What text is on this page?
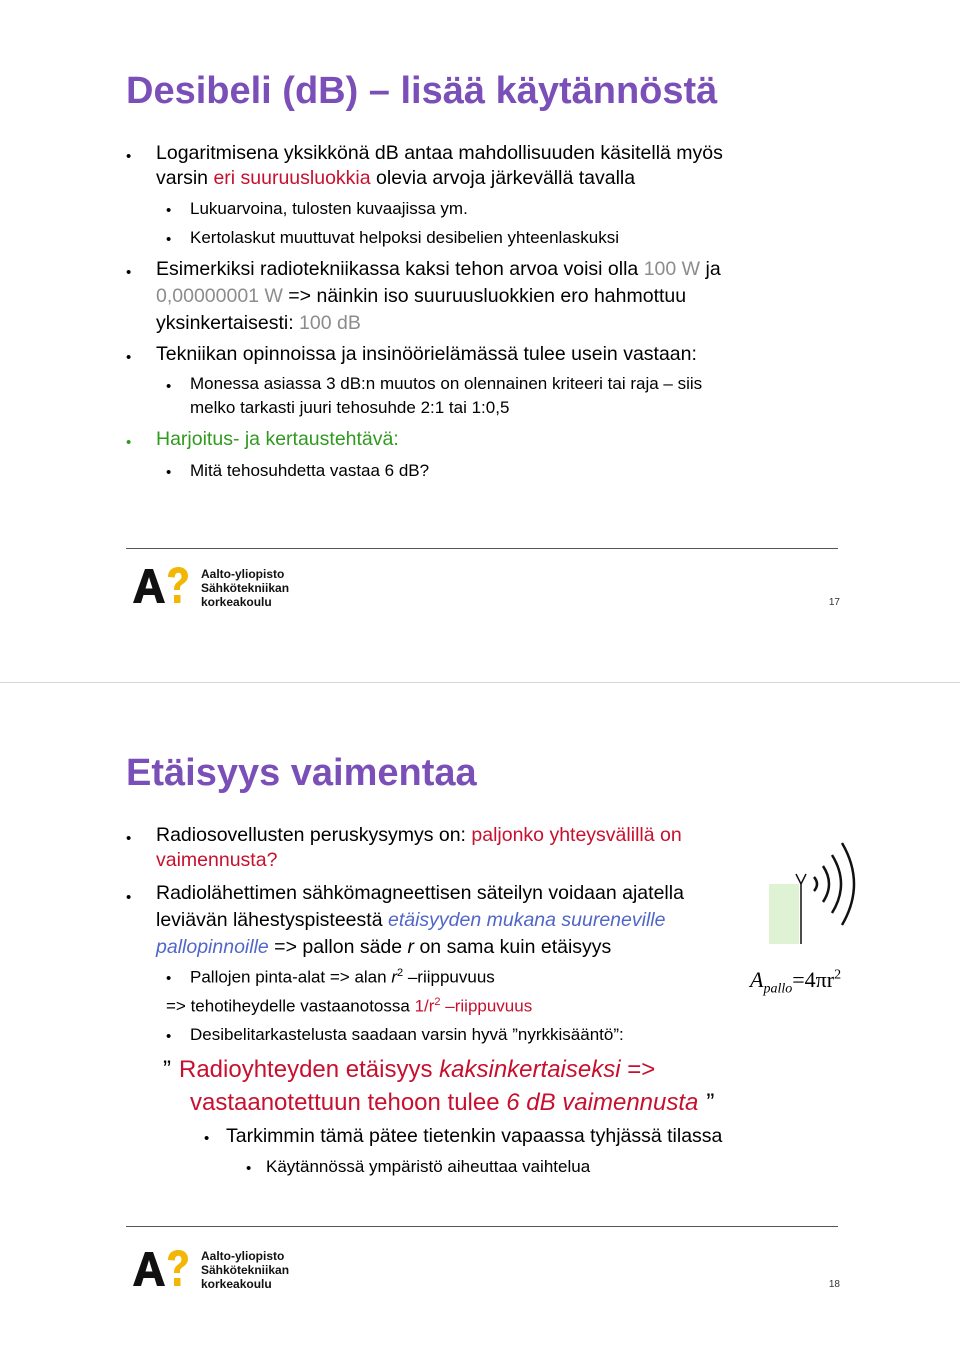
Desibeli (dB) – lisää käytännöstä
• Logaritmisena yksikkönä dB antaa mahdollisuuden käsitellä myös
varsin eri suuruusluokkia olevia arvoja järkevällä tavalla
• Lukuarvoina, tulosten kuvaajissa ym.
• Kertolaskut muuttuvat helpoksi desibelien yhteenlaskuksi
• Esimerkiksi radiotekniikassa kaksi tehon arvoa voisi olla 100 W ja
0,00000001 W => näinkin iso suuruusluokkien ero hahmottuu
yksinkertaisesti: 100 dB
• Tekniikan opinnoissa ja insinöörielämässä tulee usein vastaan:
• Monessa asiassa 3 dB:n muutos on olennainen kriteeri tai raja – siis
melko tarkasti juuri tehosuhde 2:1 tai 1:0,5
• Harjoitus- ja kertaustehtävä:
• Mitä tehosuhdetta vastaa 6 dB?
Aalto-yliopisto
Sähkötekniikan
korkeakoulu	17
Etäisyys vaimentaa
• Radiosovellusten peruskysymys on: paljonko yhteysvälillä on
vaimennusta?
• Radiolähettimen sähkömagneettisen säteilyn voidaan ajatella
leviävän lähestyspisteestä etäisyyden mukana suureneville
pallopinnoille => pallon säde r on sama kuin etäisyys
• Pallojen pinta-alat => alan $r^2$ –riippuvuus
=> tehotiheydelle vastaanotossa $1/r^2$ –riippuvuus
• Desibelitarkastelusta saadaan varsin hyvä ”nyrkkisääntö”:
” Radioyhteyden etäisyys kaksinkertaiseksi =>
vastaanotettuun tehoon tulee 6 dB vaimennusta ”
• Tarkimmin tämä pätee tietenkin vapaassa tyhjässä tilassa
• Käytännössä ympäristö aiheuttaa vaihtelua
$A_{pallo}=4\pi r^2$
Aalto-yliopisto
Sähkötekniikan
korkeakoulu	18
